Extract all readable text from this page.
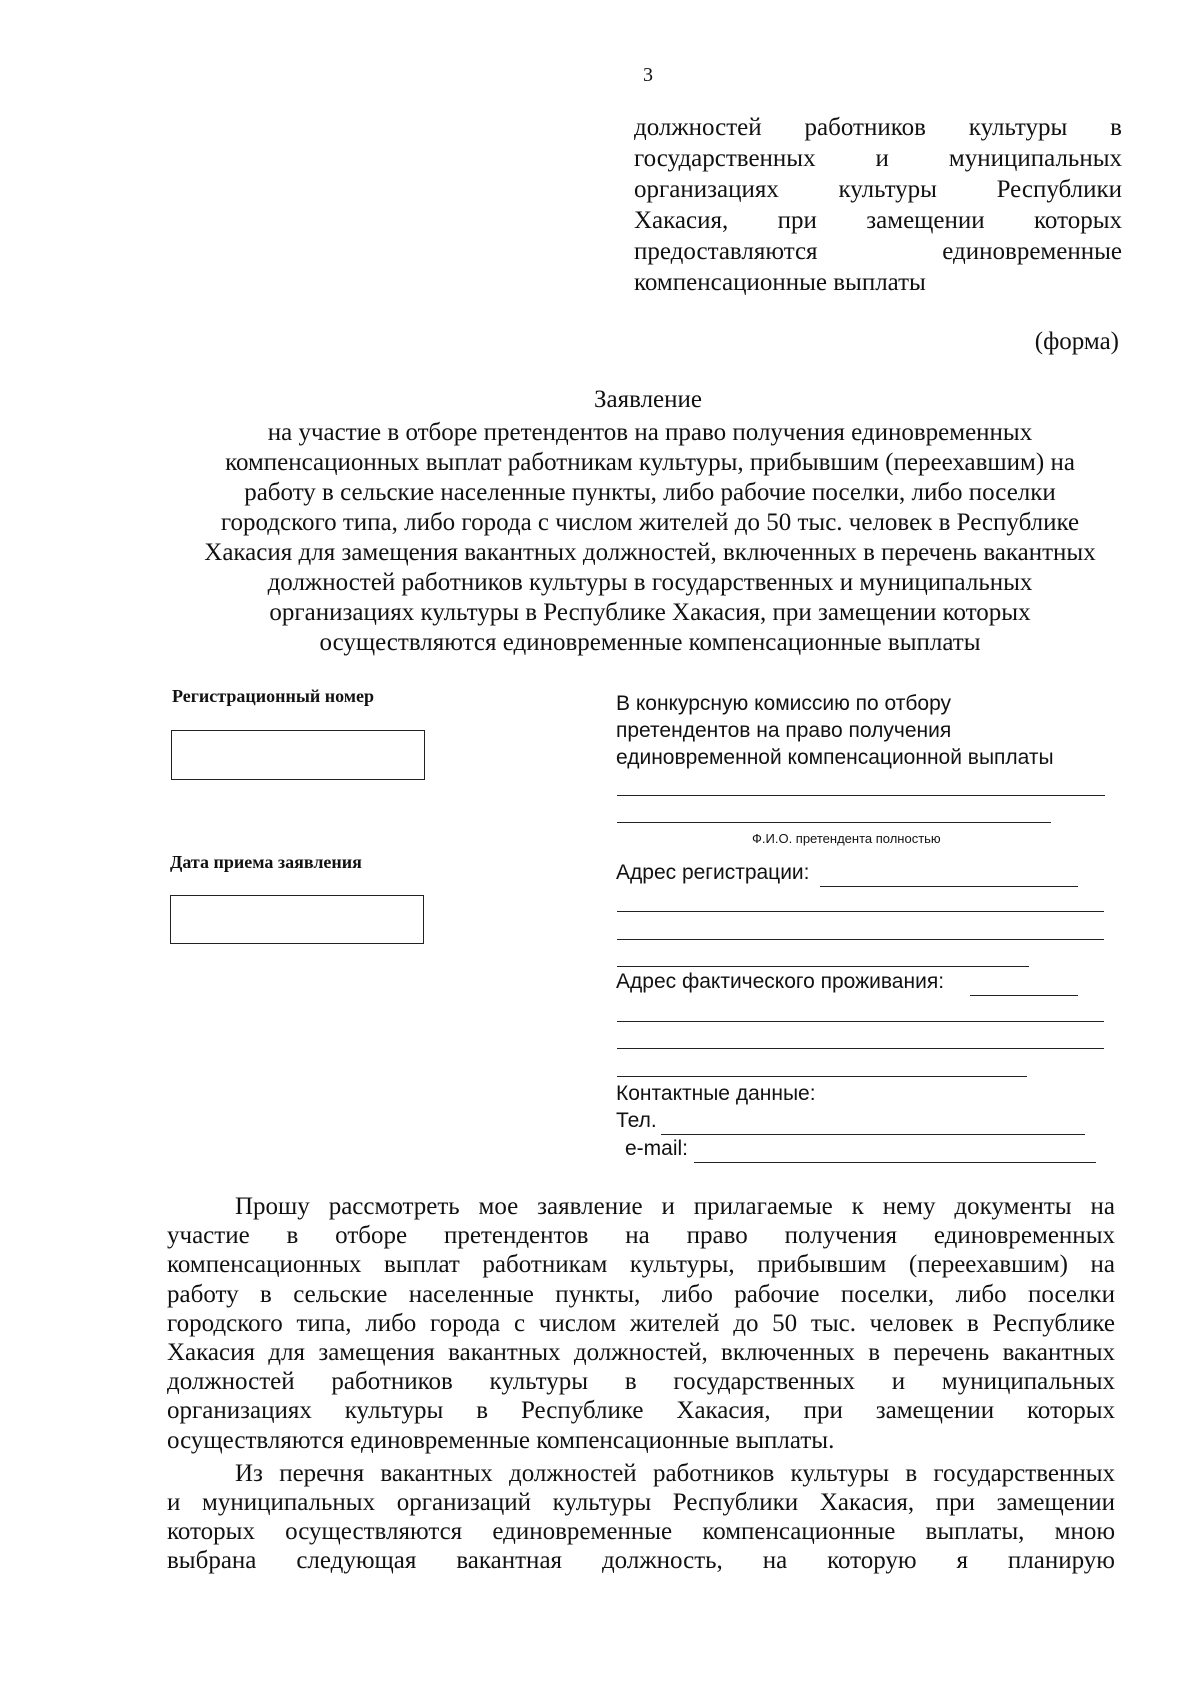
3
должностей работников культуры в
государственных и муниципальных
организациях культуры Республики
Хакасия, при замещении которых
предоставляются единовременные
компенсационные выплаты
(форма)
Заявление
на участие в отборе претендентов на право получения единовременных
компенсационных выплат работникам культуры, прибывшим (переехавшим) на
работу в сельские населенные пункты, либо рабочие поселки, либо поселки
городского типа, либо города с числом жителей до 50 тыс. человек в Республике
Хакасия для замещения вакантных должностей, включенных в перечень вакантных
должностей работников культуры в государственных и муниципальных
организациях культуры в Республике Хакасия, при замещении которых
осуществляются единовременные компенсационные выплаты
Регистрационный номер
Дата приема заявления
В конкурсную комиссию по отбору
претендентов на право получения
единовременной компенсационной выплаты
Ф.И.О. претендента полностью
Адрес регистрации:
Адрес фактического проживания:
Контактные данные:
Тел.
e-mail:
Прошу рассмотреть мое заявление и прилагаемые к нему документы на
участие в отборе претендентов на право получения единовременных
компенсационных выплат работникам культуры, прибывшим (переехавшим) на
работу в сельские населенные пункты, либо рабочие поселки, либо поселки
городского типа, либо города с числом жителей до 50 тыс. человек в Республике
Хакасия для замещения вакантных должностей, включенных в перечень вакантных
должностей работников культуры в государственных и муниципальных
организациях культуры в Республике Хакасия, при замещении которых
осуществляются единовременные компенсационные выплаты.
Из перечня вакантных должностей работников культуры в государственных
и муниципальных организаций культуры Республики Хакасия, при замещении
которых осуществляются единовременные компенсационные выплаты, мною
выбрана следующая вакантная должность, на которую я планирую
